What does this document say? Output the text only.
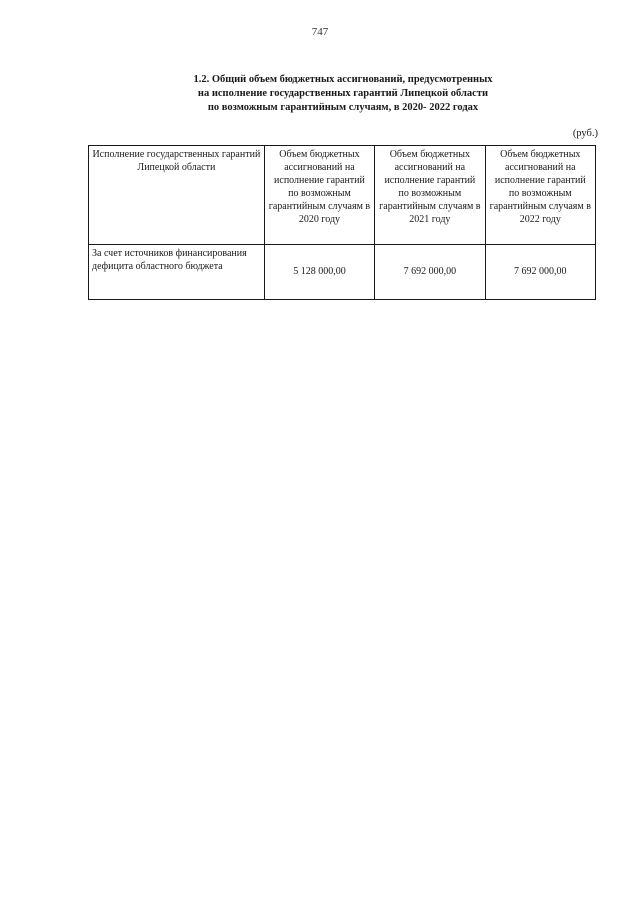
747
1.2. Общий объем бюджетных ассигнований, предусмотренных
на исполнение государственных гарантий Липецкой области
по возможным гарантийным случаям, в 2020- 2022 годах
(руб.)
Исполнение государственных гарантий Липецкой области	Объем бюджетных ассигнований на исполнение гарантий по возможным гарантийным случаям в 2020 году	Объем бюджетных ассигнований на исполнение гарантий по возможным гарантийным случаям в 2021 году	Объем бюджетных ассигнований на исполнение гарантий по возможным гарантийным случаям в 2022 году
За счет источников финансирования дефицита областного бюджета	5 128 000,00	7 692 000,00	7 692 000,00
